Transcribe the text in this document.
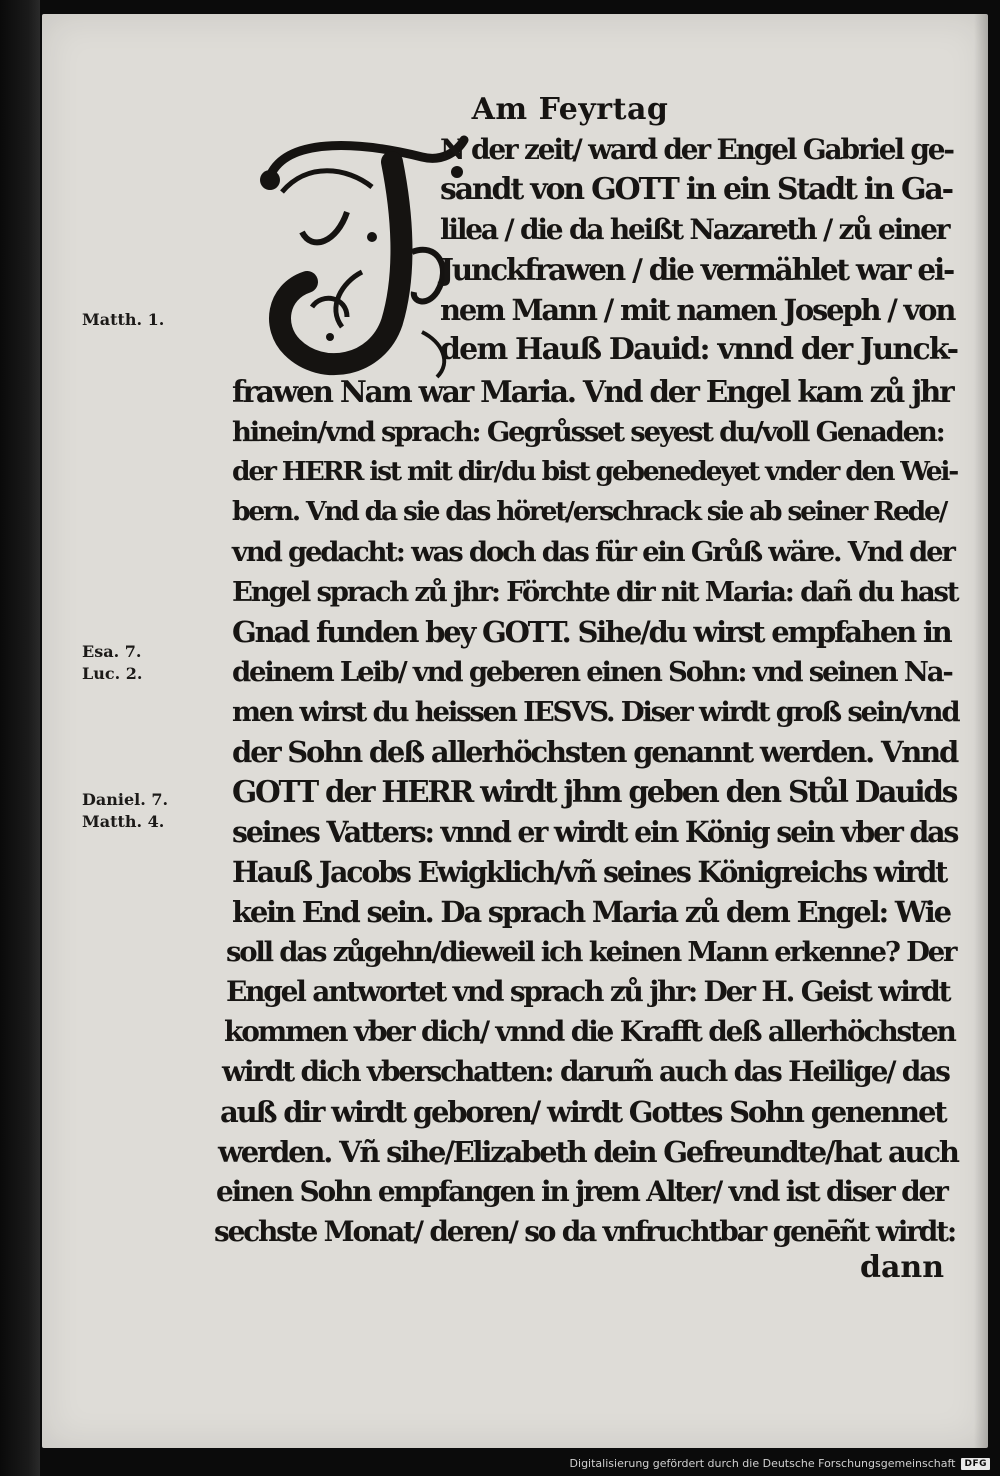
Am Feyrtag
N der zeit/ ward der Engel Gabriel ge-
sandt von GOTT in ein Stadt in Ga-
lilea / die da heißt Nazareth / zů einer
Junckfrawen / die vermählet war ei-
nem Mann / mit namen Joseph / von
dem Hauß Dauid: vnnd der Junck-
frawen Nam war Maria. Vnd der Engel kam zů jhr
hinein/vnd sprach: Gegrůsset seyest du/voll Genaden:
der HERR ist mit dir/du bist gebenedeyet vnder den Wei-
bern. Vnd da sie das höret/erschrack sie ab seiner Rede/
vnd gedacht: was doch das für ein Grůß wäre. Vnd der
Engel sprach zů jhr: Förchte dir nit Maria: dañ du hast
Gnad funden bey GOTT. Sihe/du wirst empfahen in
deinem Leib/ vnd geberen einen Sohn: vnd seinen Na-
men wirst du heissen IESVS. Diser wirdt groß sein/vnd
der Sohn deß allerhöchsten genannt werden. Vnnd
GOTT der HERR wirdt jhm geben den Stůl Dauids
seines Vatters: vnnd er wirdt ein König sein vber das
Hauß Jacobs Ewigklich/vñ seines Königreichs wirdt
kein End sein. Da sprach Maria zů dem Engel: Wie
soll das zůgehn/dieweil ich keinen Mann erkenne? Der
Engel antwortet vnd sprach zů jhr: Der H. Geist wirdt
kommen vber dich/ vnnd die Krafft deß allerhöchsten
wirdt dich vberschatten: darum̃ auch das Heilige/ das
auß dir wirdt geboren/ wirdt Gottes Sohn genennet
werden. Vñ sihe/Elizabeth dein Gefreundte/hat auch
einen Sohn empfangen in jrem Alter/ vnd ist diser der
sechste Monat/ deren/ so da vnfruchtbar genēñt wirdt:
dann
Matth. 1.
Esa. 7.
Luc. 2.
Daniel. 7.
Matth. 4.
Digitalisierung gefördert durch die Deutsche Forschungsgemeinschaft	DFG
